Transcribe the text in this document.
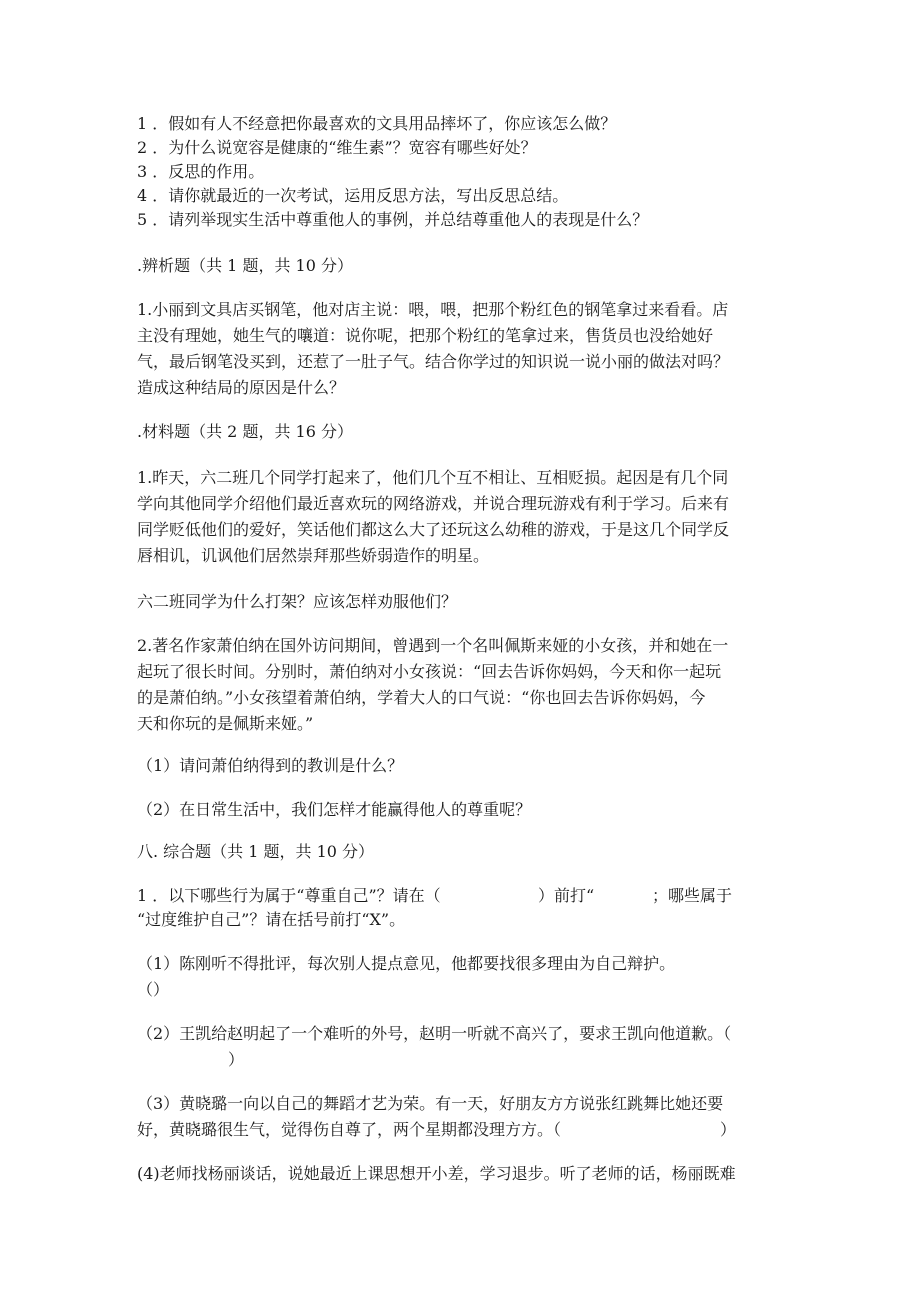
1 ．假如有人不经意把你最喜欢的文具用品摔坏了，你应该怎么做？
2 ．为什么说宽容是健康的“维生素”？宽容有哪些好处？
3 ．反思的作用。
4 ．请你就最近的一次考试，运用反思方法，写出反思总结。
5 ．请列举现实生活中尊重他人的事例，并总结尊重他人的表现是什么？
.辨析题（共 1 题，共 10 分）
1.小丽到文具店买钢笔，他对店主说：喂，喂，把那个粉红色的钢笔拿过来看看。店
主没有理她，她生气的嚷道：说你呢，把那个粉红的笔拿过来，售货员也没给她好
气，最后钢笔没买到，还惹了一肚子气。结合你学过的知识说一说小丽的做法对吗？
造成这种结局的原因是什么？
.材料题（共 2 题，共 16 分）
1.昨天，六二班几个同学打起来了，他们几个互不相让、互相贬损。起因是有几个同
学向其他同学介绍他们最近喜欢玩的网络游戏，并说合理玩游戏有利于学习。后来有
同学贬低他们的爱好，笑话他们都这么大了还玩这么幼稚的游戏，于是这几个同学反
唇相讥，讥讽他们居然崇拜那些娇弱造作的明星。
六二班同学为什么打架？应该怎样劝服他们？
2.著名作家萧伯纳在国外访问期间，曾遇到一个名叫佩斯来娅的小女孩，并和她在一
起玩了很长时间。分别时，萧伯纳对小女孩说：“回去告诉你妈妈，今天和你一起玩
的是萧伯纳。”小女孩望着萧伯纳，学着大人的口气说：“你也回去告诉你妈妈，今
天和你玩的是佩斯来娅。”
（1）请问萧伯纳得到的教训是什么？
（2）在日常生活中，我们怎样才能赢得他人的尊重呢？
八. 综合题（共 1 题，共 10 分）
1 ．以下哪些行为属于“尊重自己”？请在（	）前打“	；哪些属于
“过度维护自己”？请在括号前打“X”。
（1）陈刚听不得批评，每次别人提点意见，他都要找很多理由为自己辩护。
（）
（2）王凯给赵明起了一个难听的外号，赵明一听就不高兴了，要求王凯向他道歉。（
）
（3）黄晓璐一向以自己的舞蹈才艺为荣。有一天，好朋友方方说张红跳舞比她还要
好，黄晓璐很生气，觉得伤自尊了，两个星期都没理方方。（	）
(4)老师找杨丽谈话，说她最近上课思想开小差，学习退步。听了老师的话，杨丽既难
